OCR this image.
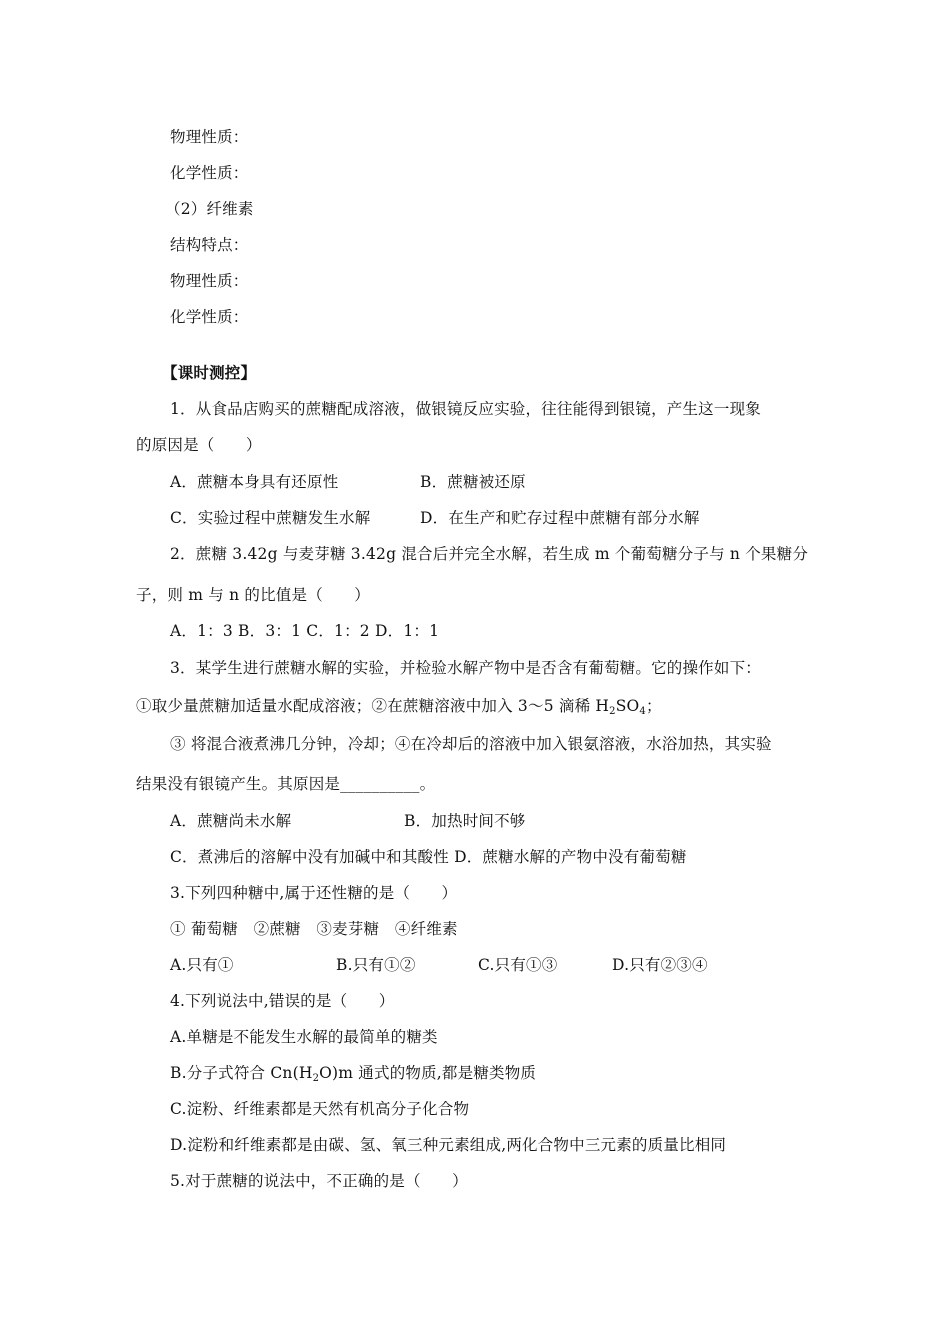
物理性质：
化学性质：
（2）纤维素
结构特点：
物理性质：
化学性质：
【课时测控】
1．从食品店购买的蔗糖配成溶液，做银镜反应实验，往往能得到银镜，产生这一现象
的原因是（　　）
A．蔗糖本身具有还原性	B．蔗糖被还原
C．实验过程中蔗糖发生水解	D．在生产和贮存过程中蔗糖有部分水解
2．蔗糖 3.42g 与麦芽糖 3.42g 混合后并完全水解，若生成 m 个葡萄糖分子与 n 个果糖分
子，则 m 与 n 的比值是（　　）
A．1：3 B．3：1 C．1：2 D．1：1
3．某学生进行蔗糖水解的实验，并检验水解产物中是否含有葡萄糖。它的操作如下：
①取少量蔗糖加适量水配成溶液；②在蔗糖溶液中加入 3～5 滴稀 $H_2SO_4$；
③ 将混合液煮沸几分钟，冷却；④在冷却后的溶液中加入银氨溶液，水浴加热，其实验
结果没有银镜产生。其原因是__________。
A．蔗糖尚未水解	B．加热时间不够
C．煮沸后的溶解中没有加碱中和其酸性 D．蔗糖水解的产物中没有葡萄糖
3.下列四种糖中,属于还性糖的是（　　）
① 葡萄糖　②蔗糖　③麦芽糖　④纤维素
A.只有①	B.只有①②	C.只有①③	D.只有②③④
4.下列说法中,错误的是（　　）
A.单糖是不能发生水解的最简单的糖类
B.分子式符合 $Cn(H_2O)m$ 通式的物质,都是糖类物质
C.淀粉、纤维素都是天然有机高分子化合物
D.淀粉和纤维素都是由碳、氢、氧三种元素组成,两化合物中三元素的质量比相同
5.对于蔗糖的说法中，不正确的是（　　）
